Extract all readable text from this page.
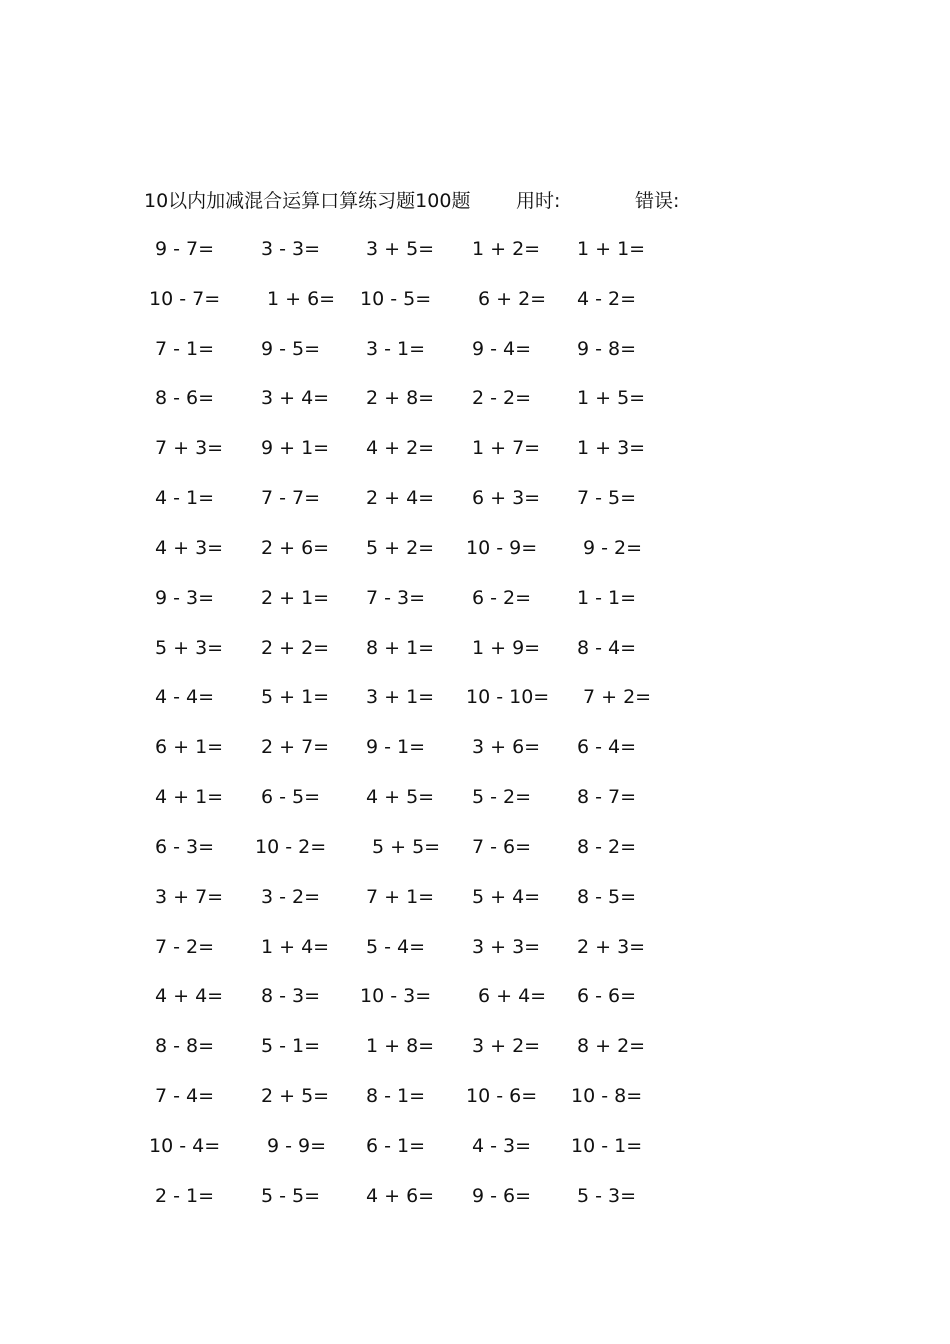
10以内加减混合运算口算练习题100题 用时:	错误:
9 - 7= 3 - 3= 3 + 5= 1 + 2= 1 + 1=
10 - 7= 1 + 6= 10 - 5= 6 + 2= 4 - 2=
7 - 1= 9 - 5= 3 - 1= 9 - 4= 9 - 8=
8 - 6= 3 + 4= 2 + 8= 2 - 2= 1 + 5=
7 + 3= 9 + 1= 4 + 2= 1 + 7= 1 + 3=
4 - 1= 7 - 7= 2 + 4= 6 + 3= 7 - 5=
4 + 3= 2 + 6= 5 + 2= 10 - 9= 9 - 2=
9 - 3= 2 + 1= 7 - 3= 6 - 2= 1 - 1=
5 + 3= 2 + 2= 8 + 1= 1 + 9= 8 - 4=
4 - 4= 5 + 1= 3 + 1= 10 - 10= 7 + 2=
6 + 1= 2 + 7= 9 - 1= 3 + 6= 6 - 4=
4 + 1= 6 - 5= 4 + 5= 5 - 2= 8 - 7=
6 - 3= 10 - 2= 5 + 5= 7 - 6= 8 - 2=
3 + 7= 3 - 2= 7 + 1= 5 + 4= 8 - 5=
7 - 2= 1 + 4= 5 - 4= 3 + 3= 2 + 3=
4 + 4= 8 - 3= 10 - 3= 6 + 4= 6 - 6=
8 - 8= 5 - 1= 1 + 8= 3 + 2= 8 + 2=
7 - 4= 2 + 5= 8 - 1= 10 - 6= 10 - 8=
10 - 4= 9 - 9= 6 - 1= 4 - 3= 10 - 1=
2 - 1= 5 - 5= 4 + 6= 9 - 6= 5 - 3=
